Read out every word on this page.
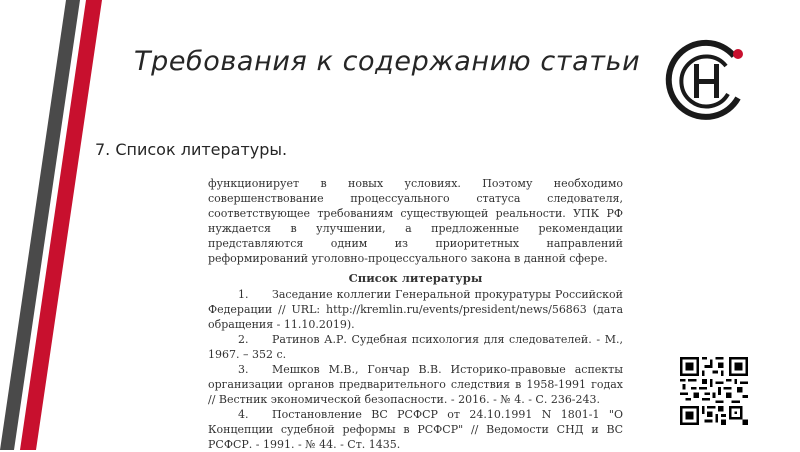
Требования к содержанию статьи
7. Список литературы.

функционирует в новых условиях. Поэтому необходимо совершенствование процессуального статуса следователя, соответствующее требованиям существующей реальности. УПК РФ нуждается в улучшении, а предложенные рекомендации представляются одним из приоритетных направлений реформирований уголовно-процессуального закона в данной сфере.

Список литературы

1. Заседание коллегии Генеральной прокуратуры Российской Федерации // URL: http://kremlin.ru/events/president/news/56863 (дата обращения - 11.10.2019).

2. Ратинов А.Р. Судебная психология для следователей. - М., 1967. – 352 с.

3. Мешков М.В., Гончар В.В. Историко-правовые аспекты организации органов предварительного следствия в 1958-1991 годах // Вестник экономической безопасности. - 2016. - № 4. - С. 236-243.

4. Постановление ВС РСФСР от 24.10.1991 N 1801-1 "О Концепции судебной реформы в РСФСР" // Ведомости СНД и ВС РСФСР. - 1991. - № 44. - Ст. 1435.
